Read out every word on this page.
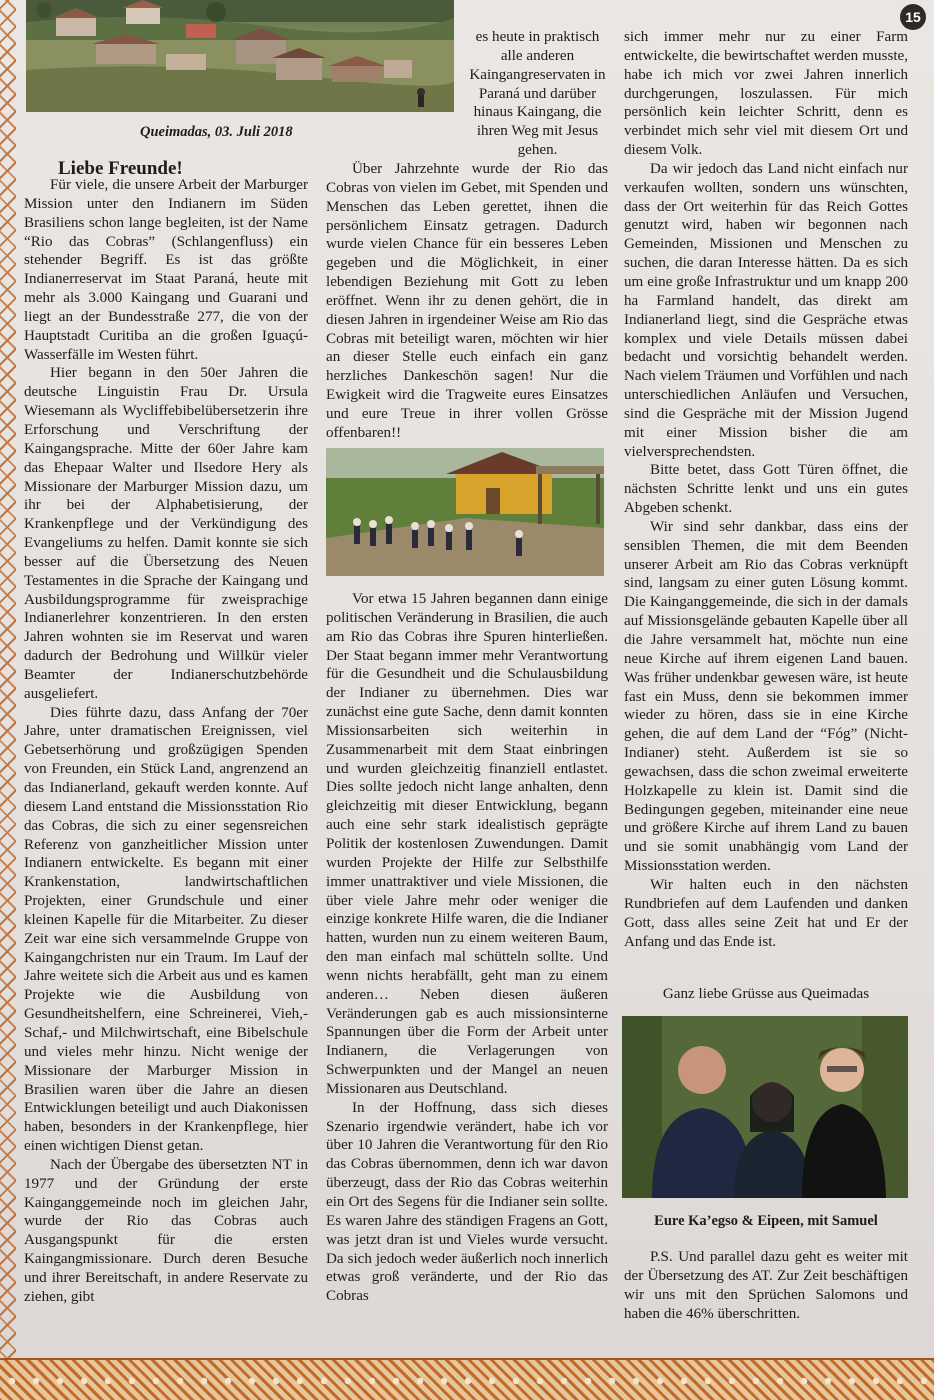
15
Queimadas, 03. Juli 2018
Liebe Freunde!

Für viele, die unsere Arbeit der Marburger Mission unter den Indianern im Süden Brasiliens schon lange begleiten, ist der Name “Rio das Cobras” (Schlangenfluss) ein stehender Begriff. Es ist das größte Indianerreservat im Staat Paraná, heute mit mehr als 3.000 Kaingang und Guarani und liegt an der Bundesstraße 277, die von der Hauptstadt Curitiba an die großen Iguaçú-Wasserfälle im Westen führt.

Hier begann in den 50er Jahren die deutsche Linguistin Frau Dr. Ursula Wiesemann als Wycliffebibelübersetzerin ihre Erforschung und Verschriftung der Kaingangsprache. Mitte der 60er Jahre kam das Ehepaar Walter und Ilsedore Hery als Missionare der Marburger Mission dazu, um ihr bei der Alphabetisierung, der Krankenpflege und der Verkündigung des Evangeliums zu helfen. Damit konnte sie sich besser auf die Übersetzung des Neuen Testamentes in die Sprache der Kaingang und Ausbildungsprogramme für zweisprachige Indianerlehrer konzentrieren. In den ersten Jahren wohnten sie im Reservat und waren dadurch der Bedrohung und Willkür vieler Beamter der Indianerschutzbehörde ausgeliefert.

Dies führte dazu, dass Anfang der 70er Jahre, unter dramatischen Ereignissen, viel Gebetserhörung und großzügigen Spenden von Freunden, ein Stück Land, angrenzend an das Indianerland, gekauft werden konnte. Auf diesem Land entstand die Missionsstation Rio das Cobras, die sich zu einer segensreichen Referenz von ganzheitlicher Mission unter Indianern entwickelte. Es begann mit einer Krankenstation, landwirtschaftlichen Projekten, einer Grundschule und einer kleinen Kapelle für die Mitarbeiter. Zu dieser Zeit war eine sich versammelnde Gruppe von Kaingangchristen nur ein Traum. Im Lauf der Jahre weitete sich die Arbeit aus und es kamen Projekte wie die Ausbildung von Gesundheitshelfern, eine Schreinerei, Vieh,- Schaf,- und Milchwirtschaft, eine Bibelschule und vieles mehr hinzu. Nicht wenige der Missionare der Marburger Mission in Brasilien waren über die Jahre an diesen Entwicklungen beteiligt und auch Diakonissen haben, besonders in der Krankenpflege, hier einen wichtigen Dienst getan.

Nach der Übergabe des übersetzten NT in 1977 und der Gründung der erste Kainganggemeinde noch im gleichen Jahr, wurde der Rio das Cobras auch Ausgangspunkt für die ersten Kaingangmissionare. Durch deren Besuche und ihrer Bereitschaft, in andere Reservate zu ziehen, gibt

es heute in praktisch alle anderen Kaingangreservaten in Paraná und darüber hinaus Kaingang, die ihren Weg mit Jesus gehen.

Über Jahrzehnte wurde der Rio das Cobras von vielen im Gebet, mit Spenden und Menschen das Leben gerettet, ihnen die persönlichem Einsatz getragen. Dadurch wurde vielen Chance für ein besseres Leben gegeben und die Möglichkeit, in einer lebendigen Beziehung mit Gott zu leben eröffnet. Wenn ihr zu denen gehört, die in diesen Jahren in irgendeiner Weise am Rio das Cobras mit beteiligt waren, möchten wir hier an dieser Stelle euch einfach ein ganz herzliches Dankeschön sagen! Nur die Ewigkeit wird die Tragweite eures Einsatzes und eure Treue in ihrer vollen Grösse offenbaren!!

Vor etwa 15 Jahren begannen dann einige politischen Veränderung in Brasilien, die auch am Rio das Cobras ihre Spuren hinterließen. Der Staat begann immer mehr Verantwortung für die Gesundheit und die Schulausbildung der Indianer zu übernehmen. Dies war zunächst eine gute Sache, denn damit konnten Missionsarbeiten sich weiterhin in Zusammenarbeit mit dem Staat einbringen und wurden gleichzeitig finanziell entlastet. Dies sollte jedoch nicht lange anhalten, denn gleichzeitig mit dieser Entwicklung, begann auch eine sehr stark idealistisch geprägte Politik der kostenlosen Zuwendungen. Damit wurden Projekte der Hilfe zur Selbsthilfe immer unattraktiver und viele Missionen, die über viele Jahre mehr oder weniger die einzige konkrete Hilfe waren, die die Indianer hatten, wurden nun zu einem weiteren Baum, den man einfach mal schütteln sollte. Und wenn nichts herabfällt, geht man zu einem anderen… Neben diesen äußeren Veränderungen gab es auch missionsinterne Spannungen über die Form der Arbeit unter Indianern, die Verlagerungen von Schwerpunkten und der Mangel an neuen Missionaren aus Deutschland.

In der Hoffnung, dass sich dieses Szenario irgendwie verändert, habe ich vor über 10 Jahren die Verantwortung für den Rio das Cobras übernommen, denn ich war davon überzeugt, dass der Rio das Cobras weiterhin ein Ort des Segens für die Indianer sein sollte. Es waren Jahre des ständigen Fragens an Gott, was jetzt dran ist und Vieles wurde versucht. Da sich jedoch weder äußerlich noch innerlich etwas groß veränderte, und der Rio das Cobras

sich immer mehr nur zu einer Farm entwickelte, die bewirtschaftet werden musste, habe ich mich vor zwei Jahren innerlich durchgerungen, loszulassen. Für mich persönlich kein leichter Schritt, denn es verbindet mich sehr viel mit diesem Ort und diesem Volk.

Da wir jedoch das Land nicht einfach nur verkaufen wollten, sondern uns wünschten, dass der Ort weiterhin für das Reich Gottes genutzt wird, haben wir begonnen nach Gemeinden, Missionen und Menschen zu suchen, die daran Interesse hätten. Da es sich um eine große Infrastruktur und um knapp 200 ha Farmland handelt, das direkt am Indianerland liegt, sind die Gespräche etwas komplex und viele Details müssen dabei bedacht und vorsichtig behandelt werden. Nach vielem Träumen und Vorfühlen und nach unterschiedlichen Anläufen und Versuchen, sind die Gespräche mit der Mission Jugend mit einer Mission bisher die am vielversprechendsten.

Bitte betet, dass Gott Türen öffnet, die nächsten Schritte lenkt und uns ein gutes Abgeben schenkt.

Wir sind sehr dankbar, dass eins der sensiblen Themen, die mit dem Beenden unserer Arbeit am Rio das Cobras verknüpft sind, langsam zu einer guten Lösung kommt. Die Kainganggemeinde, die sich in der damals auf Missionsgelände gebauten Kapelle über all die Jahre versammelt hat, möchte nun eine neue Kirche auf ihrem eigenen Land bauen. Was früher undenkbar gewesen wäre, ist heute fast ein Muss, denn sie bekommen immer wieder zu hören, dass sie in eine Kirche gehen, die auf dem Land der “Fóg” (Nicht-Indianer) steht. Außerdem ist sie so gewachsen, dass die schon zweimal erweiterte Holzkapelle zu klein ist. Damit sind die Bedingungen gegeben, miteinander eine neue und größere Kirche auf ihrem Land zu bauen und sie somit unabhängig vom Land der Missionsstation werden.

Wir halten euch in den nächsten Rundbriefen auf dem Laufenden und danken Gott, dass alles seine Zeit hat und Er der Anfang und das Ende ist.

Ganz liebe Grüsse aus Queimadas
Eure Ka’egso & Eipeen, mit Samuel

P.S. Und parallel dazu geht es weiter mit der Übersetzung des AT. Zur Zeit beschäftigen wir uns mit den Sprüchen Salomons und haben die 46% überschritten.
